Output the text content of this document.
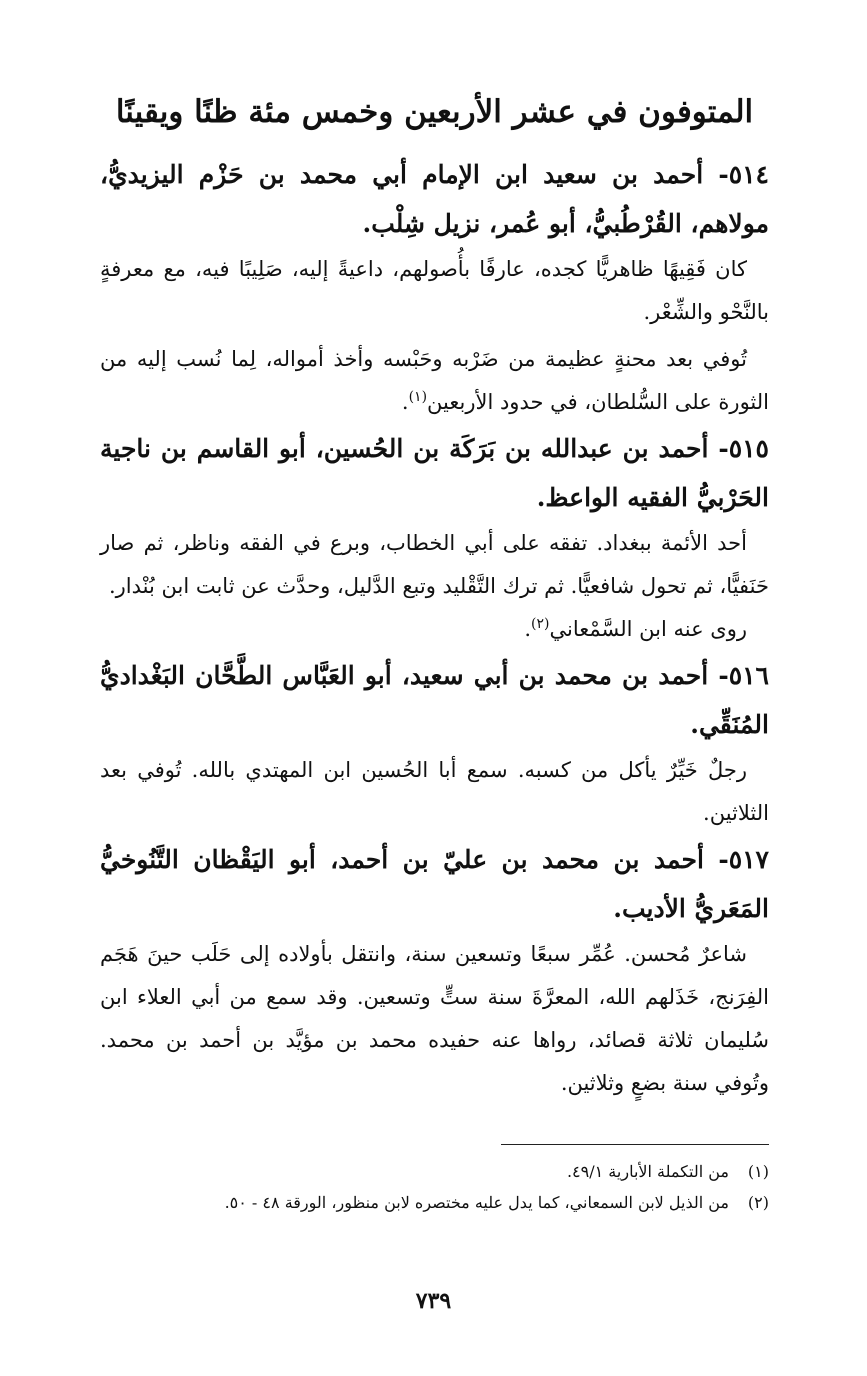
المتوفون في عشر الأربعين وخمس مئة ظنًا ويقينًا

٥١٤- أحمد بن سعيد ابن الإمام أبي محمد بن حَزْم اليزيديُّ، مولاهم، القُرْطُبيُّ، أبو عُمر، نزيل شِلْب.

كان فَقِيهًا ظاهريًّا كجده، عارفًا بأُصولهم، داعيةً إليه، صَلِيبًا فيه، مع معرفةٍ بالنَّحْو والشِّعْر.

تُوفي بعد محنةٍ عظيمة من ضَرْبه وحَبْسه وأخذ أمواله، لِما نُسب إليه من الثورة على السُّلطان، في حدود الأربعين$^{(١)}$.

٥١٥- أحمد بن عبدالله بن بَرَكَة بن الحُسين، أبو القاسم بن ناجية الحَرْبيُّ الفقيه الواعظ.

أحد الأئمة ببغداد. تفقه على أبي الخطاب، وبرع في الفقه وناظر، ثم صار حَنَفيًّا، ثم تحول شافعيًّا. ثم ترك التَّقْليد وتبع الدَّليل، وحدَّث عن ثابت ابن بُنْدار.

روى عنه ابن السَّمْعاني$^{(٢)}$.

٥١٦- أحمد بن محمد بن أبي سعيد، أبو العَبَّاس الطَّحَّان البَغْداديُّ المُنَقِّي.

رجلٌ خَيِّرٌ يأكل من كسبه. سمع أبا الحُسين ابن المهتدي بالله. تُوفي بعد الثلاثين.

٥١٧- أحمد بن محمد بن عليّ بن أحمد، أبو اليَقْظان التَّنُوخيُّ المَعَريُّ الأديب.

شاعرٌ مُحسن. عُمِّر سبعًا وتسعين سنة، وانتقل بأولاده إلى حَلَب حينَ هَجَم الفِرَنج، خَذَلهم الله، المعرَّةَ سنة ستٍّ وتسعين. وقد سمع من أبي العلاء ابن سُليمان ثلاثة قصائد، رواها عنه حفيده محمد بن مؤيَّد بن أحمد بن محمد. وتُوفي سنة بضعٍ وثلاثين.

(١)من التكملة الأبارية ٤٩/١.

(٢)من الذيل لابن السمعاني، كما يدل عليه مختصره لابن منظور، الورقة ٤٨ - ٥٠.

٧٣٩
